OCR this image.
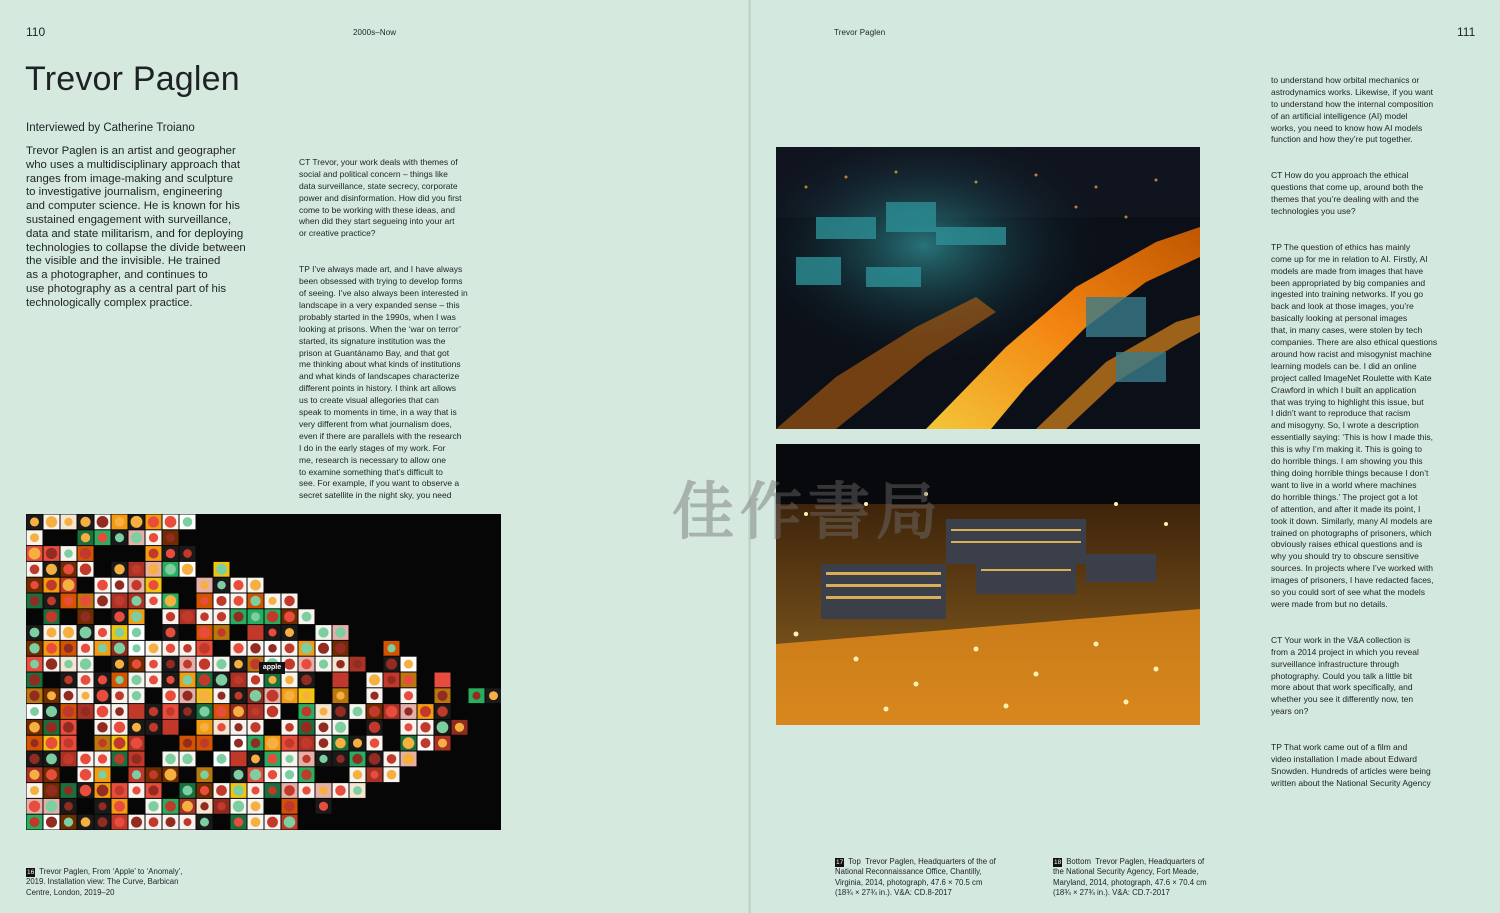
110	2000s–Now
Trevor Paglen
Interviewed by Catherine Troiano
Trevor Paglen is an artist and geographer
who uses a multidisciplinary approach that
ranges from image-making and sculpture
to investigative journalism, engineering
and computer science. He is known for his
sustained engagement with surveillance,
data and state militarism, and for deploying
technologies to collapse the divide between
the visible and the invisible. He trained
as a photographer, and continues to
use photography as a central part of his
technologically complex practice.

CT Trevor, your work deals with themes of
social and political concern – things like
data surveillance, state secrecy, corporate
power and disinformation. How did you first
come to be working with these ideas, and
when did they start segueing into your art
or creative practice?

TP I’ve always made art, and I have always
been obsessed with trying to develop forms
of seeing. I’ve also always been interested in
landscape in a very expanded sense – this
probably started in the 1990s, when I was
looking at prisons. When the ‘war on terror’
started, its signature institution was the
prison at Guantánamo Bay, and that got
me thinking about what kinds of institutions
and what kinds of landscapes characterize
different points in history. I think art allows
us to create visual allegories that can
speak to moments in time, in a way that is
very different from what journalism does,
even if there are parallels with the research
I do in the early stages of my work. For
me, research is necessary to allow one
to examine something that’s difficult to
see. For example, if you want to observe a
secret satellite in the night sky, you need

apple

16 Trevor Paglen, From ‘Apple’ to ‘Anomaly’,
2019. Installation view: The Curve, Barbican
Centre, London, 2019–20

Trevor Paglen	111

to understand how orbital mechanics or
astrodynamics works. Likewise, if you want
to understand how the internal composition
of an artificial intelligence (AI) model
works, you need to know how AI models
function and how they’re put together.

CT How do you approach the ethical
questions that come up, around both the
themes that you’re dealing with and the
technologies you use?

TP The question of ethics has mainly
come up for me in relation to AI. Firstly, AI
models are made from images that have
been appropriated by big companies and
ingested into training networks. If you go
back and look at those images, you’re
basically looking at personal images
that, in many cases, were stolen by tech
companies. There are also ethical questions
around how racist and misogynist machine
learning models can be. I did an online
project called ImageNet Roulette with Kate
Crawford in which I built an application
that was trying to highlight this issue, but
I didn’t want to reproduce that racism
and misogyny. So, I wrote a description
essentially saying: ‘This is how I made this,
this is why I’m making it. This is going to
do horrible things. I am showing you this
thing doing horrible things because I don’t
want to live in a world where machines
do horrible things.’ The project got a lot
of attention, and after it made its point, I
took it down. Similarly, many AI models are
trained on photographs of prisoners, which
obviously raises ethical questions and is
why you should try to obscure sensitive
sources. In projects where I’ve worked with
images of prisoners, I have redacted faces,
so you could sort of see what the models
were made from but no details.

CT Your work in the V&A collection is
from a 2014 project in which you reveal
surveillance infrastructure through
photography. Could you talk a little bit
more about that work specifically, and
whether you see it differently now, ten
years on?

TP That work came out of a film and
video installation I made about Edward
Snowden. Hundreds of articles were being
written about the National Security Agency

17 Top Trevor Paglen, Headquarters of the of
National Reconnaissance Office, Chantilly,
Virginia, 2014, photograph, 47.6 × 70.5 cm
(18¾ × 27¾ in.). V&A: CD.8-2017

18 Bottom Trevor Paglen, Headquarters of
the National Security Agency, Fort Meade,
Maryland, 2014, photograph, 47.6 × 70.4 cm
(18¾ × 27¾ in.). V&A: CD.7-2017

佳作書局
